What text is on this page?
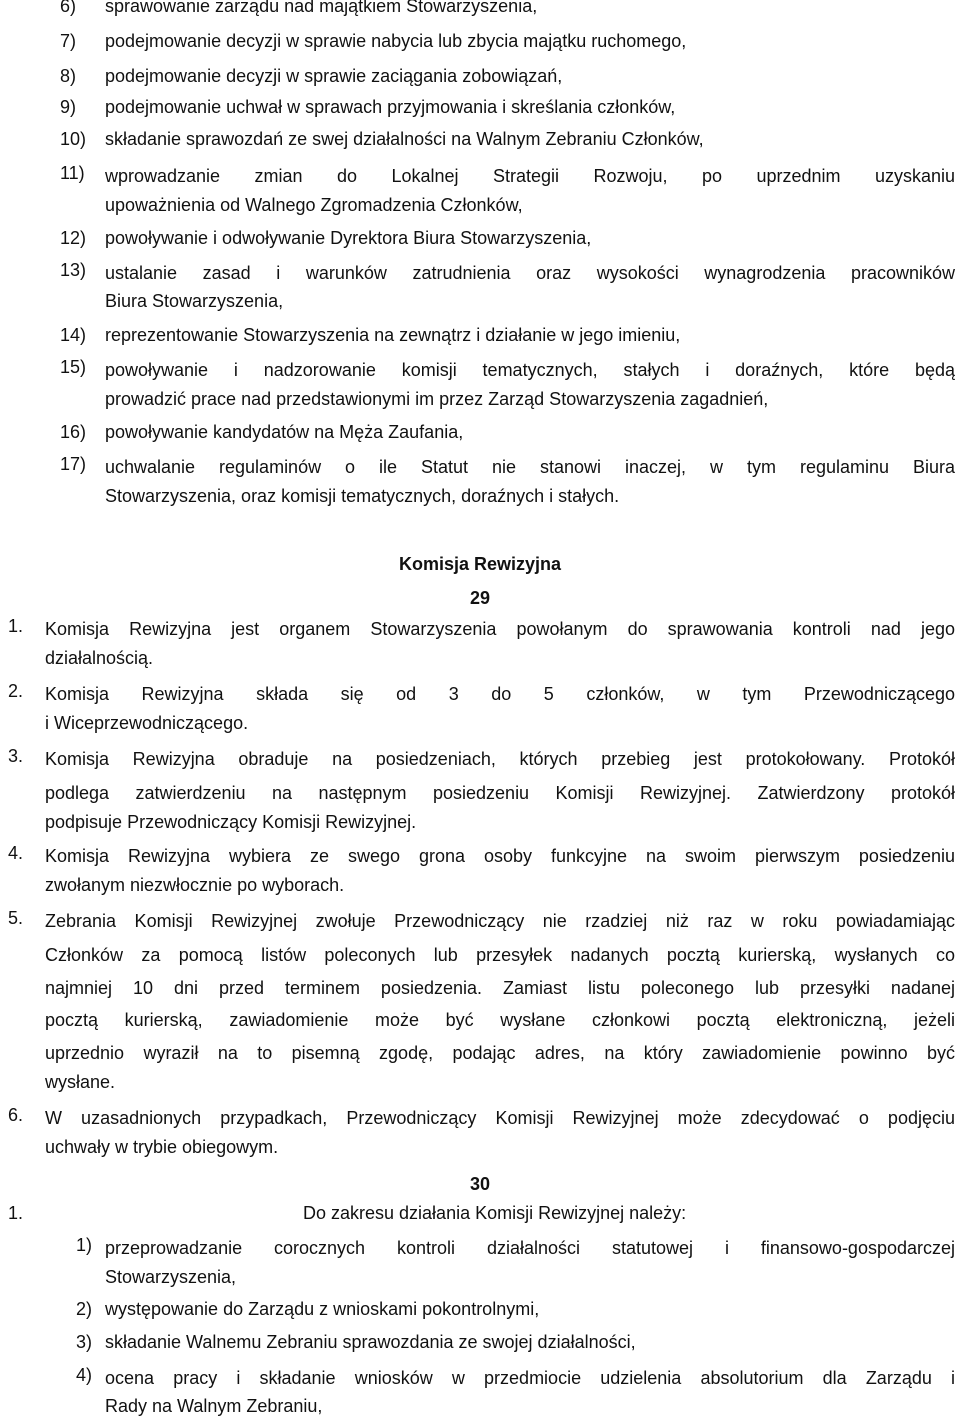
6) sprawowanie zarządu nad majątkiem Stowarzyszenia,
7) podejmowanie decyzji w sprawie nabycia lub zbycia majątku ruchomego,
8) podejmowanie decyzji w sprawie zaciągania zobowiązań,
9) podejmowanie uchwał w sprawach przyjmowania i skreślania członków,
10) składanie sprawozdań ze swej działalności na Walnym Zebraniu Członków,
11) wprowadzanie zmian do Lokalnej Strategii Rozwoju, po uprzednim uzyskaniu
upoważnienia od Walnego Zgromadzenia Członków,
12) powoływanie i odwoływanie Dyrektora Biura Stowarzyszenia,
13) ustalanie zasad i warunków zatrudnienia oraz wysokości wynagrodzenia pracowników
Biura Stowarzyszenia,
14) reprezentowanie Stowarzyszenia na zewnątrz i działanie w jego imieniu,
15) powoływanie i nadzorowanie komisji tematycznych, stałych i doraźnych, które będą
prowadzić prace nad przedstawionymi im przez Zarząd Stowarzyszenia zagadnień,
16) powoływanie kandydatów na Męża Zaufania,
17) uchwalanie regulaminów o ile Statut nie stanowi inaczej, w tym regulaminu Biura
Stowarzyszenia, oraz komisji tematycznych, doraźnych i stałych.
Komisja Rewizyjna
29
1. Komisja Rewizyjna jest organem Stowarzyszenia powołanym do sprawowania kontroli nad jego
działalnością.
2. Komisja Rewizyjna składa się od 3 do 5 członków, w tym Przewodniczącego
i Wiceprzewodniczącego.
3. Komisja Rewizyjna obraduje na posiedzeniach, których przebieg jest protokołowany. Protokół
podlega zatwierdzeniu na następnym posiedzeniu Komisji Rewizyjnej. Zatwierdzony protokół
podpisuje Przewodniczący Komisji Rewizyjnej.
4. Komisja Rewizyjna wybiera ze swego grona osoby funkcyjne na swoim pierwszym posiedzeniu
zwołanym niezwłocznie po wyborach.
5. Zebrania Komisji Rewizyjnej zwołuje Przewodniczący nie rzadziej niż raz w roku powiadamiając
Członków za pomocą listów poleconych lub przesyłek nadanych pocztą kurierską, wysłanych co
najmniej 10 dni przed terminem posiedzenia. Zamiast listu poleconego lub przesyłki nadanej
pocztą kurierską, zawiadomienie może być wysłane członkowi pocztą elektroniczną, jeżeli
uprzednio wyraził na to pisemną zgodę, podając adres, na który zawiadomienie powinno być
wysłane.
6. W uzasadnionych przypadkach, Przewodniczący Komisji Rewizyjnej może zdecydować o podjęciu
uchwały w trybie obiegowym.
30
1.	Do zakresu działania Komisji Rewizyjnej należy:
1) przeprowadzanie corocznych kontroli działalności statutowej i finansowo-gospodarczej
Stowarzyszenia,
2) występowanie do Zarządu z wnioskami pokontrolnymi,
3) składanie Walnemu Zebraniu sprawozdania ze swojej działalności,
4) ocena pracy i składanie wniosków w przedmiocie udzielenia absolutorium dla Zarządu i
Rady na Walnym Zebraniu,
